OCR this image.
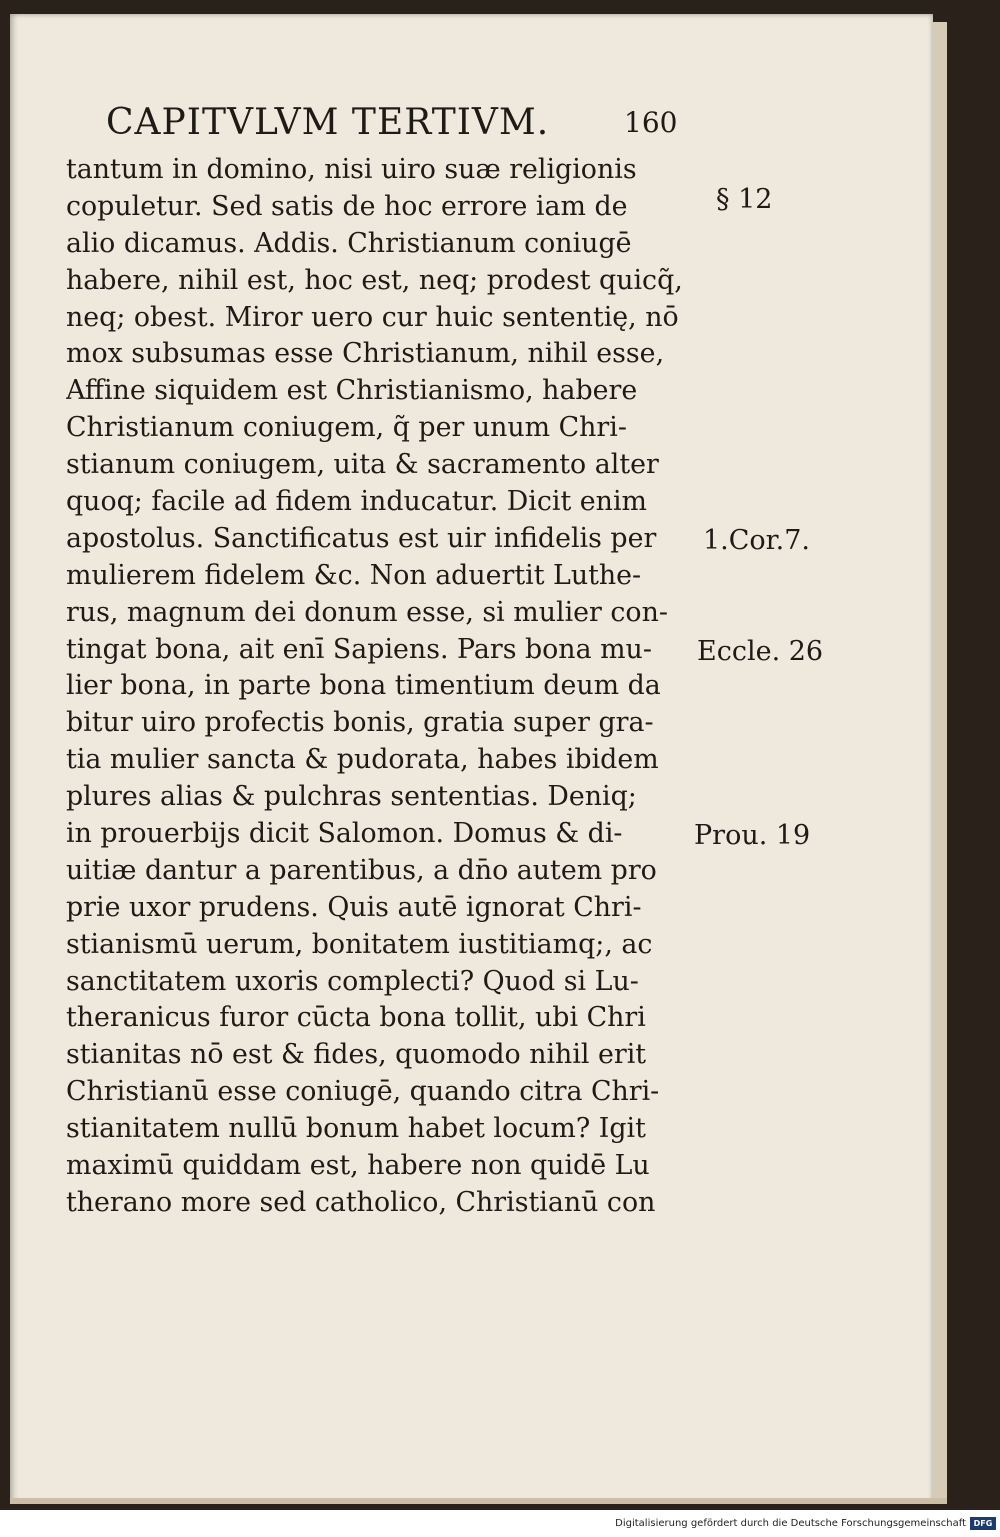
CAPITVLVM TERTIVM.	160
tantum in domino, nisi uiro suæ religionis
copuletur. Sed satis de hoc errore iam de
alio dicamus. Addis. Christianum coniugē
habere, nihil est, hoc est, neq; prodest quicq̃,
neq; obest. Miror uero cur huic sententię, nō
mox subsumas esse Christianum, nihil esse,
Affine siquidem est Christianismo, habere
Christianum coniugem, q̃ per unum Chri-
stianum coniugem, uita & sacramento alter
quoq; facile ad fidem inducatur. Dicit enim
apostolus. Sanctificatus est uir infidelis per
mulierem fidelem &c. Non aduertit Luthe-
rus, magnum dei donum esse, si mulier con-
tingat bona, ait enī Sapiens. Pars bona mu-
lier bona, in parte bona timentium deum da
bitur uiro profectis bonis, gratia super gra-
tia mulier sancta & pudorata, habes ibidem
plures alias & pulchras sententias. Deniq;
in prouerbijs dicit Salomon. Domus & di-
uitiæ dantur a parentibus, a dn̄o autem pro
prie uxor prudens. Quis autē ignorat Chri-
stianismū uerum, bonitatem iustitiamq;, ac
sanctitatem uxoris complecti? Quod si Lu-
theranicus furor cūcta bona tollit, ubi Chri
stianitas nō est & fides, quomodo nihil erit
Christianū esse coniugē, quando citra Chri-
stianitatem nullū bonum habet locum? Igit
maximū quiddam est, habere non quidē Lu
therano more sed catholico, Christianū con
§ 12
1.Cor.7.
Eccle. 26
Prou. 19
Digitalisierung gefördert durch die Deutsche Forschungsgemeinschaft DFG
